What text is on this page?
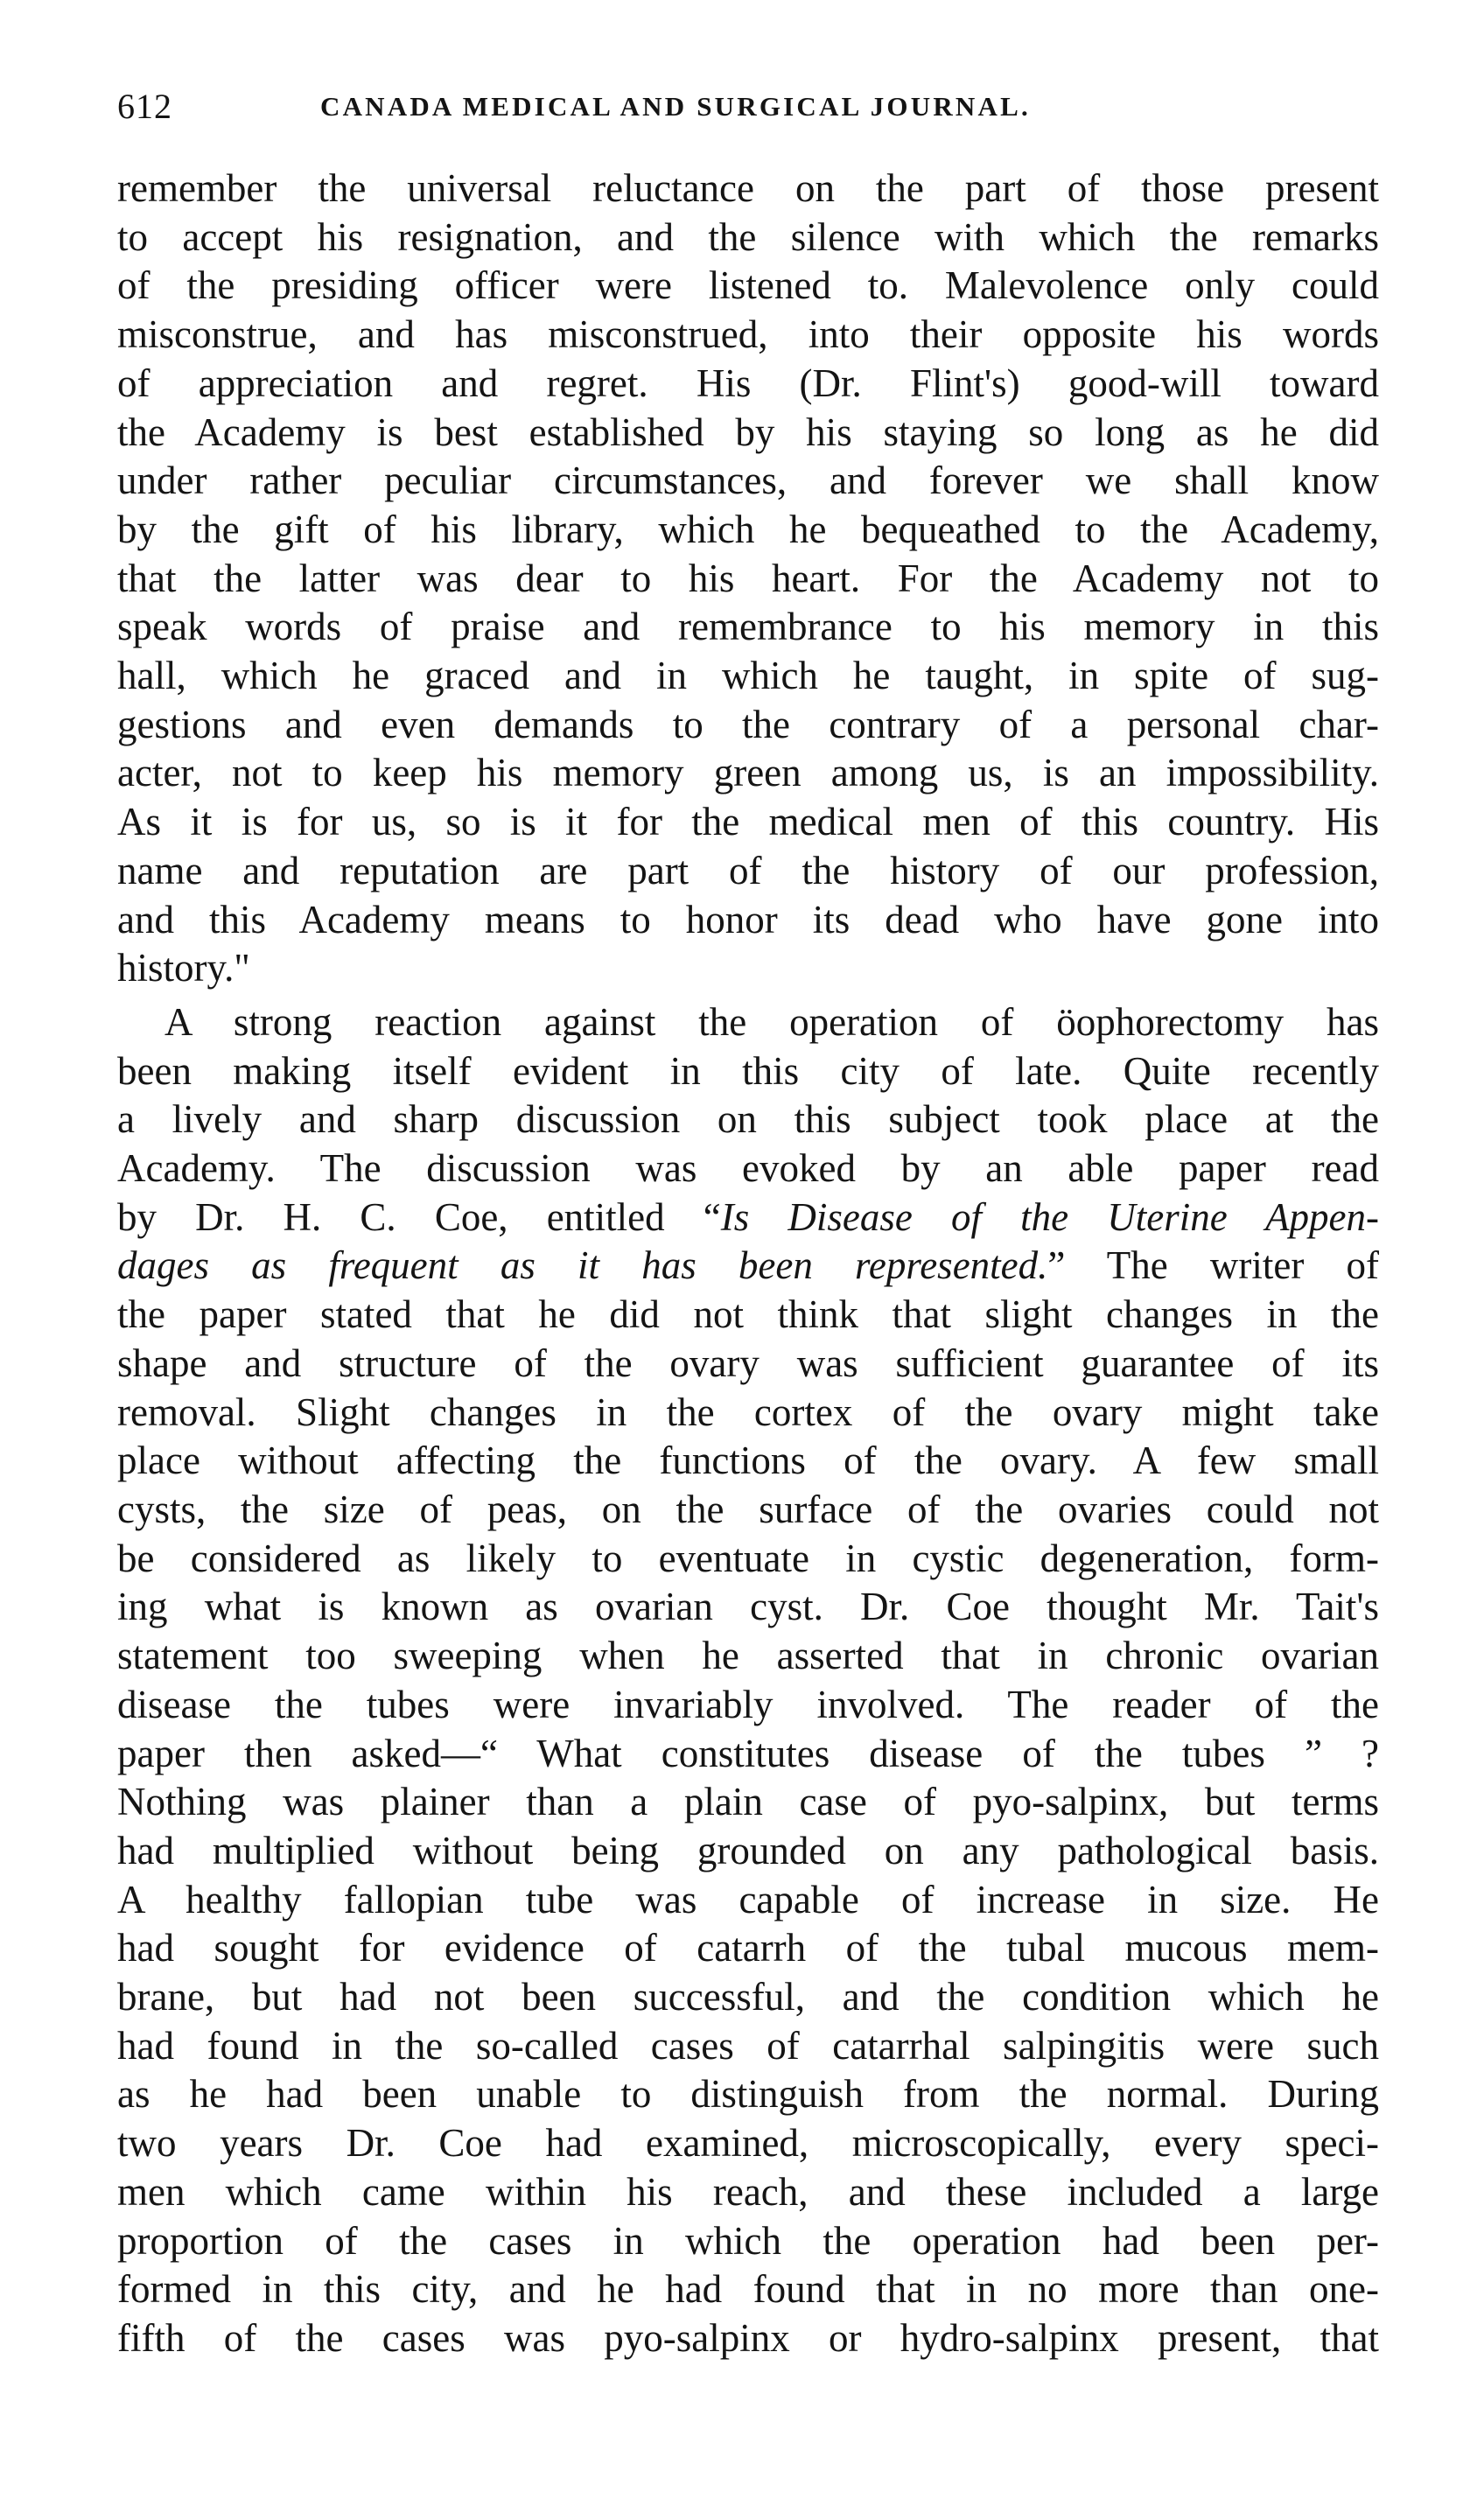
612	CANADA MEDICAL AND SURGICAL JOURNAL.

remember the universal reluctance on the part of those present
to accept his resignation, and the silence with which the remarks
of the presiding officer were listened to. Malevolence only could
misconstrue, and has misconstrued, into their opposite his words
of appreciation and regret. His (Dr. Flint's) good-will toward
the Academy is best established by his staying so long as he did
under rather peculiar circumstances, and forever we shall know
by the gift of his library, which he bequeathed to the Academy,
that the latter was dear to his heart. For the Academy not to
speak words of praise and remembrance to his memory in this
hall, which he graced and in which he taught, in spite of sug-
gestions and even demands to the contrary of a personal char-
acter, not to keep his memory green among us, is an impossibility.
As it is for us, so is it for the medical men of this country. His
name and reputation are part of the history of our profession,
and this Academy means to honor its dead who have gone into
history."

A strong reaction against the operation of öophorectomy has
been making itself evident in this city of late. Quite recently
a lively and sharp discussion on this subject took place at the
Academy. The discussion was evoked by an able paper read
by Dr. H. C. Coe, entitled “Is Disease of the Uterine Appen-
dages as frequent as it has been represented.” The writer of
the paper stated that he did not think that slight changes in the
shape and structure of the ovary was sufficient guarantee of its
removal. Slight changes in the cortex of the ovary might take
place without affecting the functions of the ovary. A few small
cysts, the size of peas, on the surface of the ovaries could not
be considered as likely to eventuate in cystic degeneration, form-
ing what is known as ovarian cyst. Dr. Coe thought Mr. Tait's
statement too sweeping when he asserted that in chronic ovarian
disease the tubes were invariably involved. The reader of the
paper then asked—“ What constitutes disease of the tubes ” ?
Nothing was plainer than a plain case of pyo-salpinx, but terms
had multiplied without being grounded on any pathological basis.
A healthy fallopian tube was capable of increase in size. He
had sought for evidence of catarrh of the tubal mucous mem-
brane, but had not been successful, and the condition which he
had found in the so-called cases of catarrhal salpingitis were such
as he had been unable to distinguish from the normal. During
two years Dr. Coe had examined, microscopically, every speci-
men which came within his reach, and these included a large
proportion of the cases in which the operation had been per-
formed in this city, and he had found that in no more than one-
fifth of the cases was pyo-salpinx or hydro-salpinx present, that
